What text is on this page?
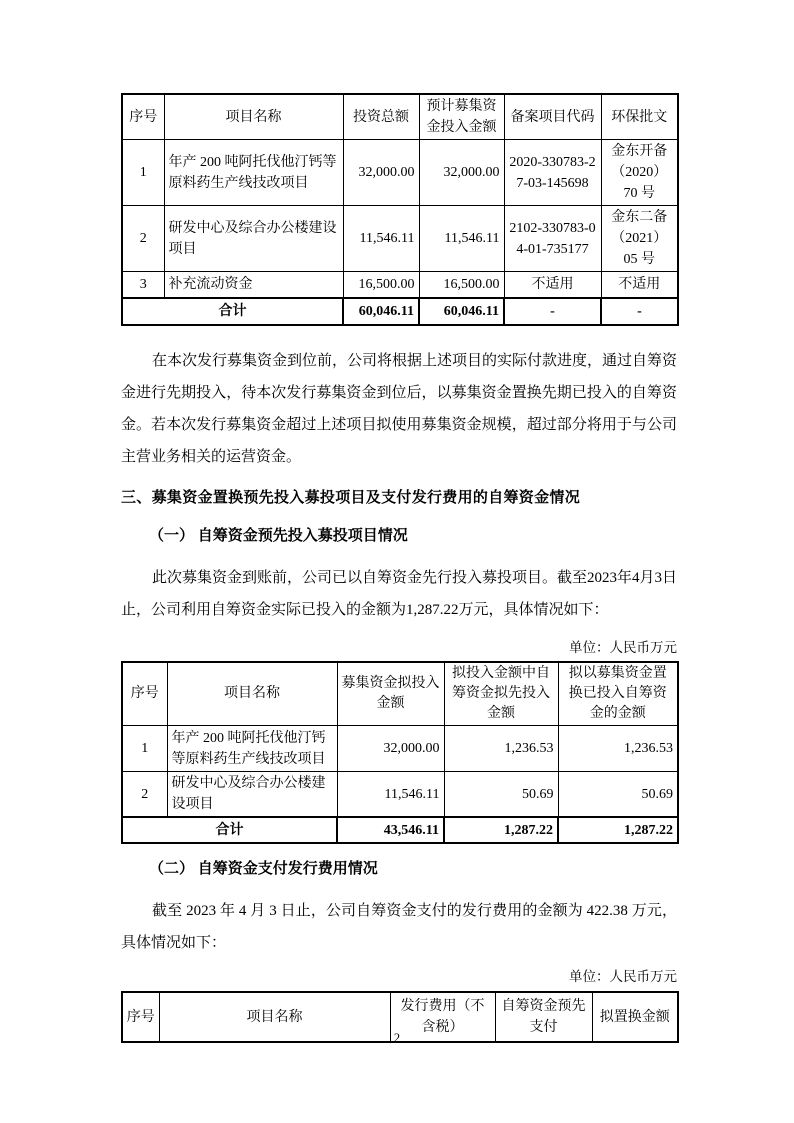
序号	项目名称	投资总额	预计募集资金投入金额	备案项目代码	环保批文
1	年产 200 吨阿托伐他汀钙等原料药生产线技改项目	32,000.00	32,000.00	2020-330783-27-03-145698	金东开备（2020）70 号
2	研发中心及综合办公楼建设项目	11,546.11	11,546.11	2102-330783-04-01-735177	金东二备（2021）05 号
3	补充流动资金	16,500.00	16,500.00	不适用	不适用
合计		60,046.11	60,046.11	-	-

在本次发行募集资金到位前，公司将根据上述项目的实际付款进度，通过自筹资金进行先期投入，待本次发行募集资金到位后，以募集资金置换先期已投入的自筹资金。若本次发行募集资金超过上述项目拟使用募集资金规模，超过部分将用于与公司主营业务相关的运营资金。

三、募集资金置换预先投入募投项目及支付发行费用的自筹资金情况
（一） 自筹资金预先投入募投项目情况

此次募集资金到账前，公司已以自筹资金先行投入募投项目。截至2023年4月3日止，公司利用自筹资金实际已投入的金额为1,287.22万元，具体情况如下：

单位：人民币万元
序号	项目名称	募集资金拟投入金额	拟投入金额中自筹资金拟先投入金额	拟以募集资金置换已投入自筹资金的金额
1	年产 200 吨阿托伐他汀钙等原料药生产线技改项目	32,000.00	1,236.53	1,236.53
2	研发中心及综合办公楼建设项目	11,546.11	50.69	50.69
合计		43,546.11	1,287.22	1,287.22
（二） 自筹资金支付发行费用情况

截至 2023 年 4 月 3 日止，公司自筹资金支付的发行费用的金额为 422.38 万元，具体情况如下：

单位：人民币万元
序号	项目名称	发行费用（不含税）	自筹资金预先支付	拟置换金额
2
